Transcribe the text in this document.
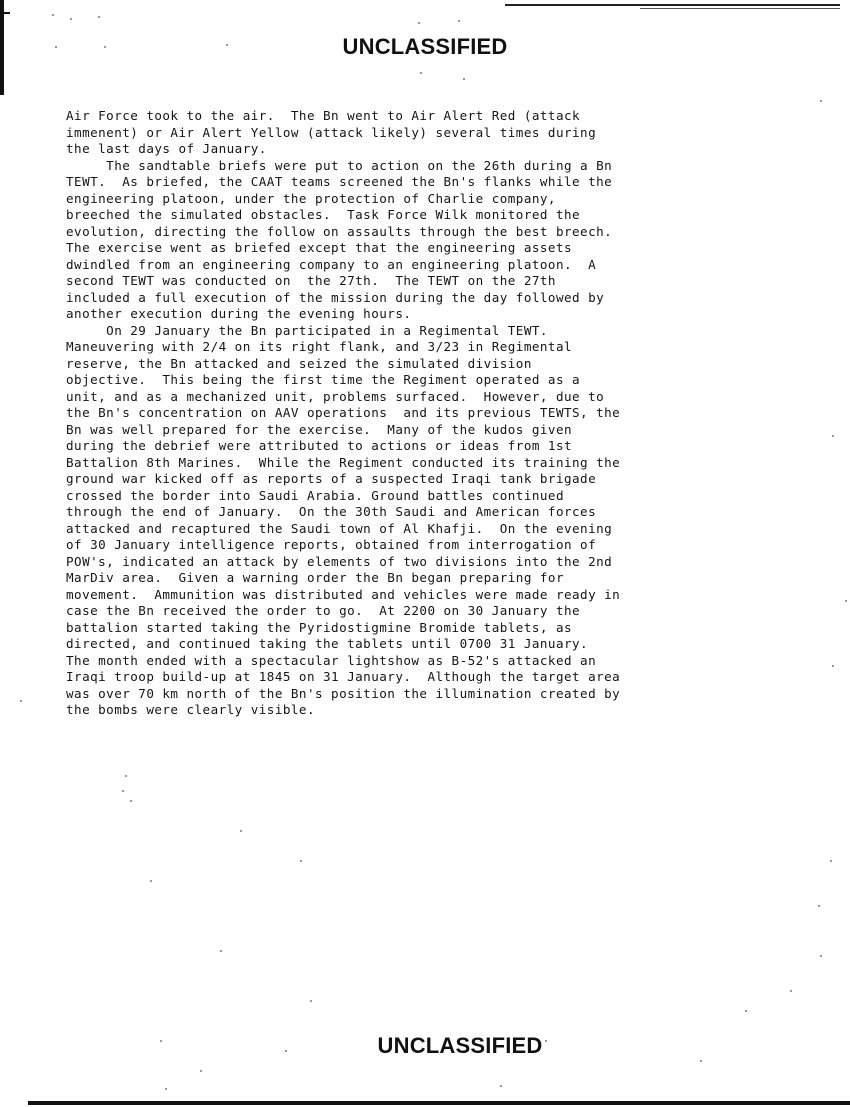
UNCLASSIFIED
Air Force took to the air.  The Bn went to Air Alert Red (attack
immenent) or Air Alert Yellow (attack likely) several times during
the last days of January.
The sandtable briefs were put to action on the 26th during a Bn
TEWT.  As briefed, the CAAT teams screened the Bn's flanks while the
engineering platoon, under the protection of Charlie company,
breeched the simulated obstacles.  Task Force Wilk monitored the
evolution, directing the follow on assaults through the best breech.
The exercise went as briefed except that the engineering assets
dwindled from an engineering company to an engineering platoon.  A
second TEWT was conducted on  the 27th.  The TEWT on the 27th
included a full execution of the mission during the day followed by
another execution during the evening hours.
On 29 January the Bn participated in a Regimental TEWT.
Maneuvering with 2/4 on its right flank, and 3/23 in Regimental
reserve, the Bn attacked and seized the simulated division
objective.  This being the first time the Regiment operated as a
unit, and as a mechanized unit, problems surfaced.  However, due to
the Bn's concentration on AAV operations  and its previous TEWTS, the
Bn was well prepared for the exercise.  Many of the kudos given
during the debrief were attributed to actions or ideas from 1st
Battalion 8th Marines.  While the Regiment conducted its training the
ground war kicked off as reports of a suspected Iraqi tank brigade
crossed the border into Saudi Arabia. Ground battles continued
through the end of January.  On the 30th Saudi and American forces
attacked and recaptured the Saudi town of Al Khafji.  On the evening
of 30 January intelligence reports, obtained from interrogation of
POW's, indicated an attack by elements of two divisions into the 2nd
MarDiv area.  Given a warning order the Bn began preparing for
movement.  Ammunition was distributed and vehicles were made ready in
case the Bn received the order to go.  At 2200 on 30 January the
battalion started taking the Pyridostigmine Bromide tablets, as
directed, and continued taking the tablets until 0700 31 January.
The month ended with a spectacular lightshow as B-52's attacked an
Iraqi troop build-up at 1845 on 31 January.  Although the target area
was over 70 km north of the Bn's position the illumination created by
the bombs were clearly visible.
UNCLASSIFIED
